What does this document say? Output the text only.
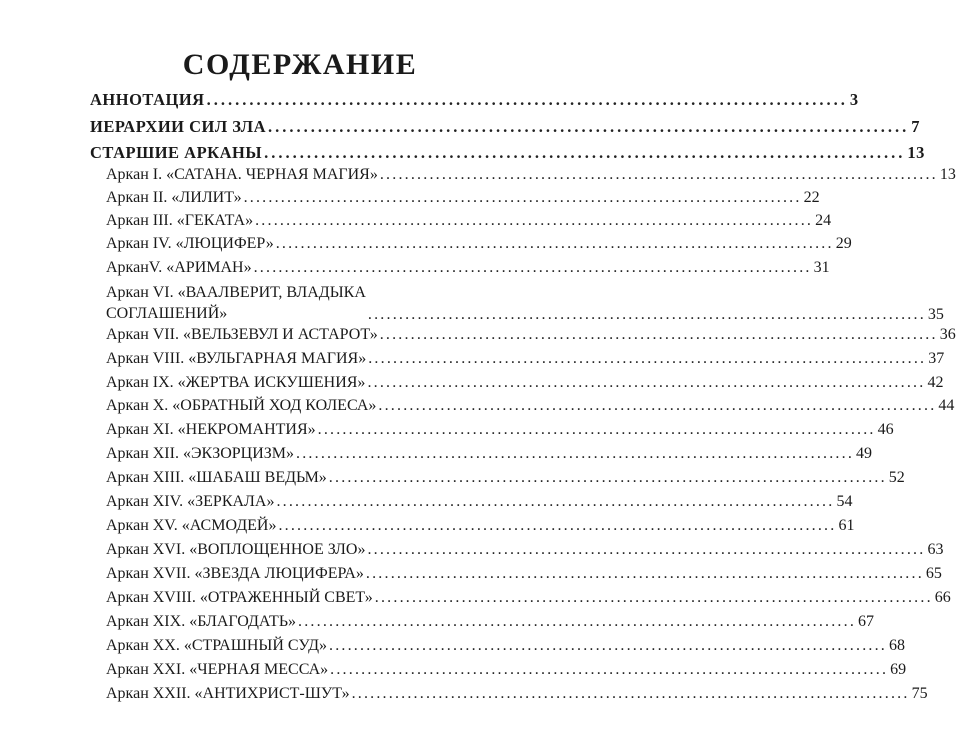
СОДЕРЖАНИЕ
АННОТАЦИЯ .......................................................................................... 3
ИЕРАРХИИ СИЛ ЗЛА .......................................................................................... 7
СТАРШИЕ АРКАНЫ .......................................................................................... 13
Аркан I. «САТАНА. ЧЕРНАЯ МАГИЯ» .......................................................................................... 13
Аркан II. «ЛИЛИТ» .......................................................................................... 22
Аркан III. «ГЕКАТА» .......................................................................................... 24
Аркан IV. «ЛЮЦИФЕР» .......................................................................................... 29
АрканV. «АРИМАН» .......................................................................................... 31
Аркан VI. «ВААЛВЕРИТ, ВЛАДЫКА
СОГЛАШЕНИЙ»	.......................................................................................... 35
Аркан VII. «ВЕЛЬЗЕВУЛ И АСТАРОТ» .......................................................................................... 36
Аркан VIII. «ВУЛЬГАРНАЯ МАГИЯ» .......................................................................................... 37
Аркан IX. «ЖЕРТВА ИСКУШЕНИЯ» .......................................................................................... 42
Аркан X. «ОБРАТНЫЙ ХОД КОЛЕСА» .......................................................................................... 44
Аркан XI. «НЕКРОМАНТИЯ» .......................................................................................... 46
Аркан XII. «ЭКЗОРЦИЗМ» .......................................................................................... 49
Аркан XIII. «ШАБАШ ВЕДЬМ» .......................................................................................... 52
Аркан XIV. «ЗЕРКАЛА» .......................................................................................... 54
Аркан XV. «АСМОДЕЙ» .......................................................................................... 61
Аркан XVI. «ВОПЛОЩЕННОЕ ЗЛО» .......................................................................................... 63
Аркан XVII. «ЗВЕЗДА ЛЮЦИФЕРА» .......................................................................................... 65
Аркан XVIII. «ОТРАЖЕННЫЙ СВЕТ» .......................................................................................... 66
Аркан XIX. «БЛАГОДАТЬ» .......................................................................................... 67
Аркан XX. «СТРАШНЫЙ СУД» .......................................................................................... 68
Аркан XXI. «ЧЕРНАЯ МЕССА» .......................................................................................... 69
Аркан XXII. «АНТИХРИСТ-ШУТ» .......................................................................................... 75
